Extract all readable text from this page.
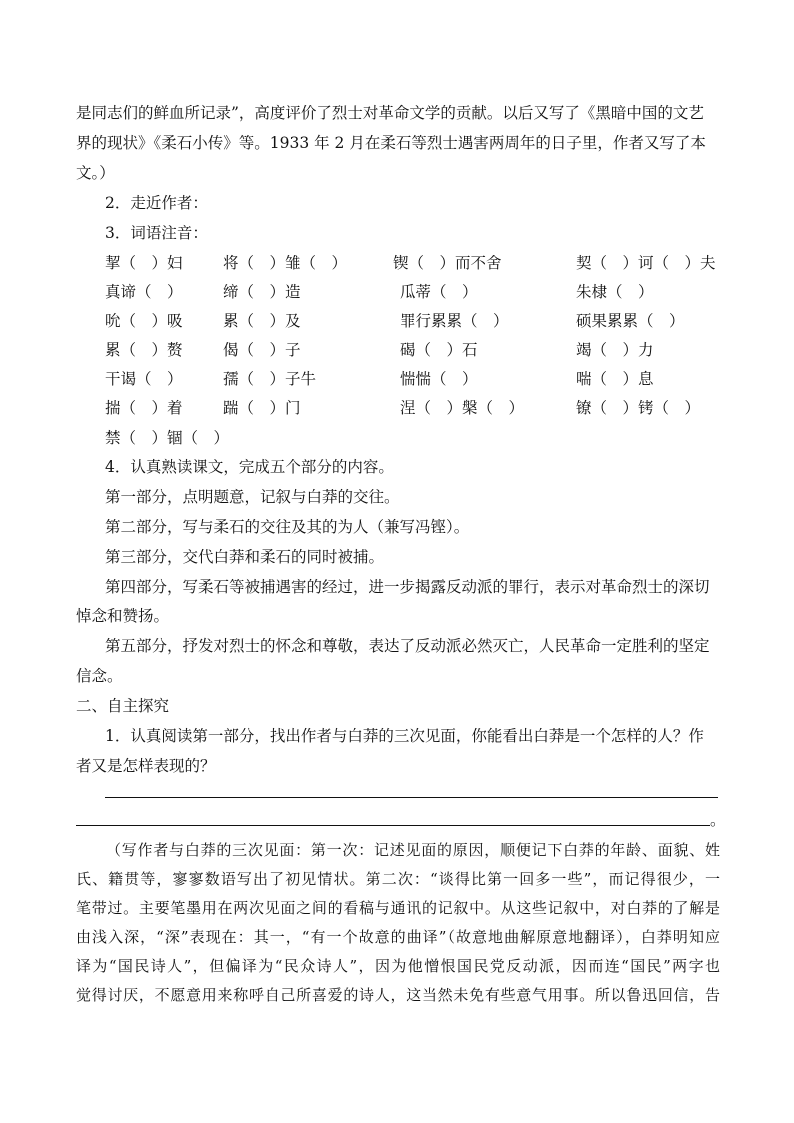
是同志们的鲜血所记录”，高度评价了烈士对革命文学的贡献。以后又写了《黑暗中国的文艺
界的现状》《柔石小传》等。1933 年 2 月在柔石等烈士遇害两周年的日子里，作者又写了本
文。）
2．走近作者：
3．词语注音：
挈（　）妇	将（　）雏（　）	锲（　）而不舍	契（　）诃（　）夫
真谛（　）	缔（　）造	瓜蒂（　）	朱棣（　）
吮（　）吸	累（　）及	罪行累累（　）	硕果累累（　）
累（　）赘	偈（　）子	碣（　）石	竭（　）力
干谒（　）	孺（　）子牛	惴惴（　）	喘（　）息
揣（　）着	踹（　）门	涅（　）槃（　）	镣（　）铐（　）
禁（　）锢（　）
4．认真熟读课文，完成五个部分的内容。
第一部分，点明题意，记叙与白莽的交往。
第二部分，写与柔石的交往及其的为人（兼写冯铿）。
第三部分，交代白莽和柔石的同时被捕。
第四部分，写柔石等被捕遇害的经过，进一步揭露反动派的罪行，表示对革命烈士的深切
悼念和赞扬。
第五部分，抒发对烈士的怀念和尊敬，表达了反动派必然灭亡，人民革命一定胜利的坚定
信念。
二、自主探究
1．认真阅读第一部分，找出作者与白莽的三次见面，你能看出白莽是一个怎样的人？作
者又是怎样表现的？
。

（写作者与白莽的三次见面：第一次：记述见面的原因，顺便记下白莽的年龄、面貌、姓

氏、籍贯等，寥寥数语写出了初见情状。第二次：“谈得比第一回多一些”，而记得很少，一

笔带过。主要笔墨用在两次见面之间的看稿与通讯的记叙中。从这些记叙中，对白莽的了解是

由浅入深，“深”表现在：其一，“有一个故意的曲译”（故意地曲解原意地翻译），白莽明知应

译为“国民诗人”，但偏译为“民众诗人”，因为他憎恨国民党反动派，因而连“国民”两字也

觉得讨厌，不愿意用来称呼自己所喜爱的诗人，这当然未免有些意气用事。所以鲁迅回信，告
